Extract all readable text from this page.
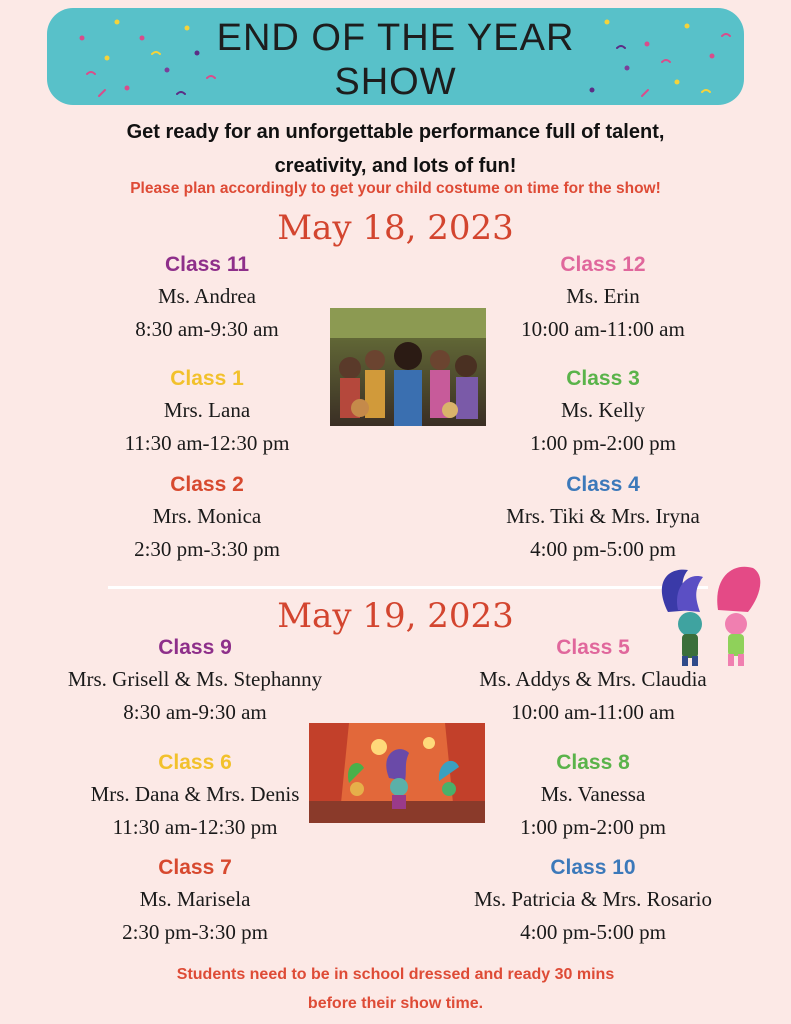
END OF THE YEAR
SHOW
Get ready for an unforgettable performance full of talent,
creativity, and lots of fun!
Please plan accordingly to get your child costume on time for the show!
May 18, 2023
Class 11
Ms. Andrea
8:30 am-9:30 am
Class 12
Ms. Erin
10:00 am-11:00 am
Class 1
Mrs. Lana
11:30 am-12:30 pm
Class 3
Ms. Kelly
1:00 pm-2:00 pm
Class 2
Mrs. Monica
2:30 pm-3:30 pm
Class 4
Mrs. Tiki & Mrs. Iryna
4:00 pm-5:00 pm
May 19, 2023
Class 9
Mrs. Grisell & Ms. Stephanny
8:30 am-9:30 am
Class 5
Ms. Addys & Mrs. Claudia
10:00 am-11:00 am
Class 6
Mrs. Dana & Mrs. Denis
11:30 am-12:30 pm
Class 8
Ms. Vanessa
1:00 pm-2:00 pm
Class 7
Ms. Marisela
2:30 pm-3:30 pm
Class 10
Ms. Patricia & Mrs. Rosario
4:00 pm-5:00 pm
Students need to be in school dressed and ready 30 mins
before their show time.
